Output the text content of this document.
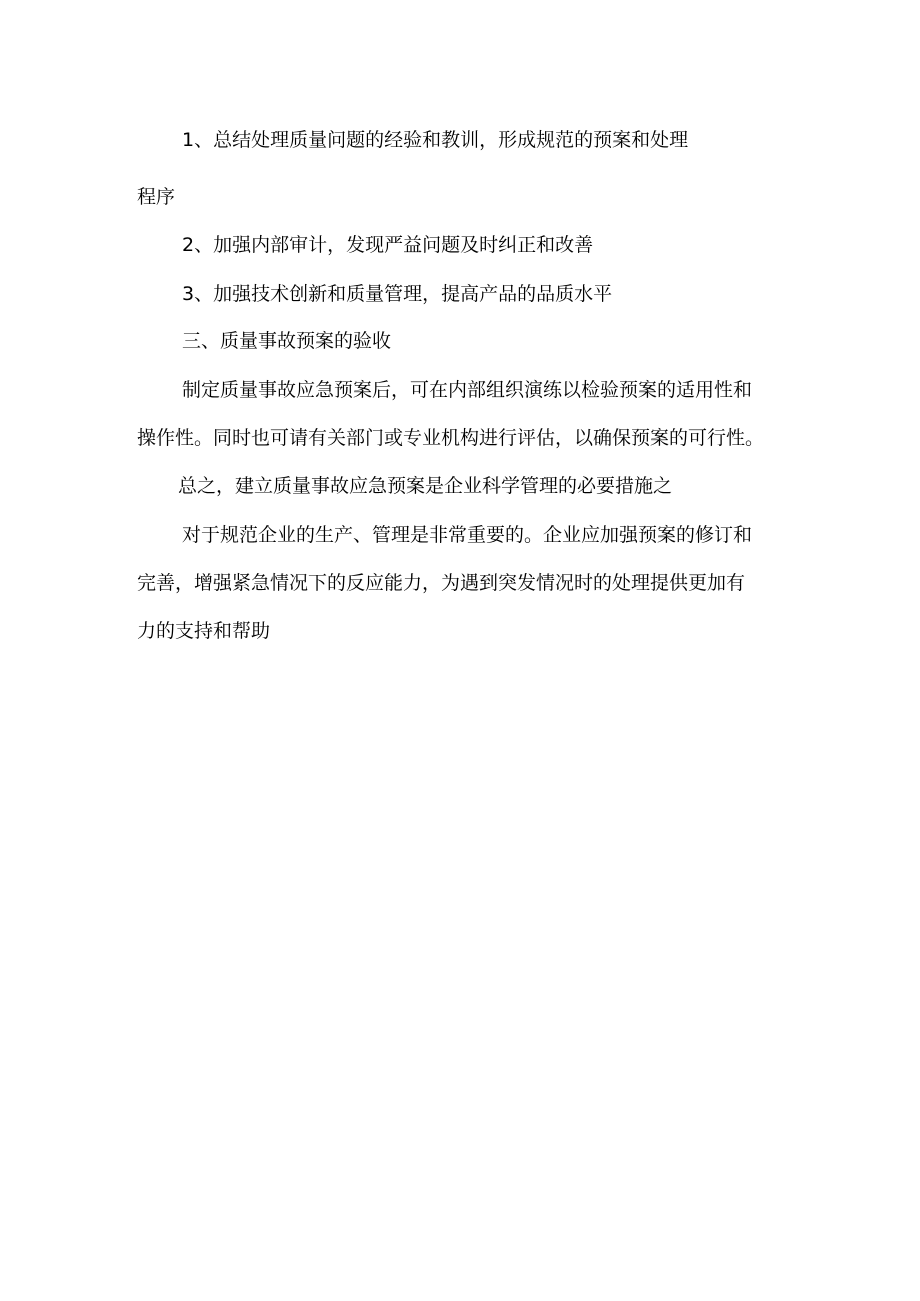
1、总结处理质量问题的经验和教训，形成规范的预案和处理
程序
2、加强内部审计，发现严益问题及时纠正和改善
3、加强技术创新和质量管理，提高产品的品质水平
三、质量事故预案的验收
制定质量事故应急预案后，可在内部组织演练以检验预案的适用性和
操作性。同时也可请有关部门或专业机构进行评估，以确保预案的可行性。
总之，建立质量事故应急预案是企业科学管理的必要措施之
对于规范企业的生产、管理是非常重要的。企业应加强预案的修订和
完善，增强紧急情况下的反应能力，为遇到突发情况时的处理提供更加有
力的支持和帮助
